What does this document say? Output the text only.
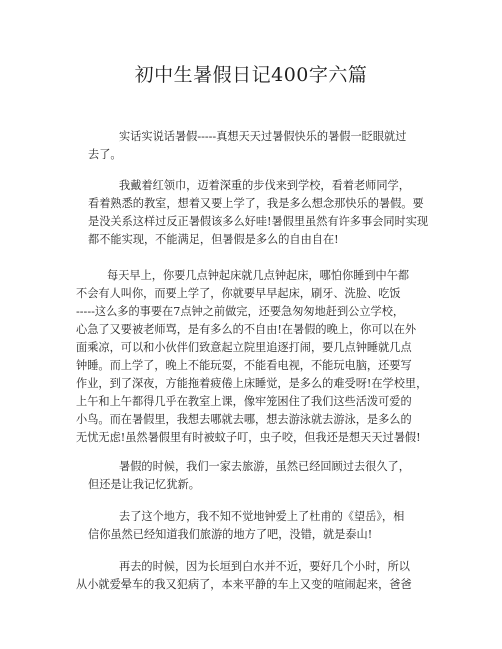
初中生暑假日记400字六篇
实话实说话暑假-----真想天天过暑假快乐的暑假一眨眼就过
去了。
我戴着红领巾，迈着深重的步伐来到学校，看着老师同学，
看着熟悉的教室，想着又要上学了，我是多么想念那快乐的暑假。要
是没关系这样过反正暑假该多么好哇!暑假里虽然有许多事会同时实现
都不能实现，不能满足，但暑假是多么的自由自在!
每天早上，你要几点钟起床就几点钟起床，哪怕你睡到中午都
不会有人叫你，而要上学了，你就要早早起床，刷牙、洗脸、吃饭
-----这么多的事要在7点钟之前做完，还要急匆匆地赶到公立学校，
心急了又要被老师骂，是有多么的不自由!在暑假的晚上，你可以在外
面乘凉，可以和小伙伴们致意起立院里追逐打闹，要几点钟睡就几点
钟睡。而上学了，晚上不能玩耍，不能看电视，不能玩电脑，还要写
作业，到了深夜，方能拖着疲倦上床睡觉，是多么的难受呀!在学校里，
上午和上午都得几乎在教室上课，像牢笼困住了我们这些活泼可爱的
小鸟。而在暑假里，我想去哪就去哪，想去游泳就去游泳，是多么的
无忧无虑!虽然暑假里有时被蚊子叮，虫子咬，但我还是想天天过暑假!
暑假的时候，我们一家去旅游，虽然已经回顾过去很久了，
但还是让我记忆犹新。
去了这个地方，我不知不觉地钟爱上了杜甫的《望岳》，相
信你虽然已经知道我们旅游的地方了吧，没错，就是泰山!
再去的时候，因为长垣到白水并不近，要好几个小时，所以
从小就爱晕车的我又犯病了，本来平静的车上又变的喧闹起来，爸爸
